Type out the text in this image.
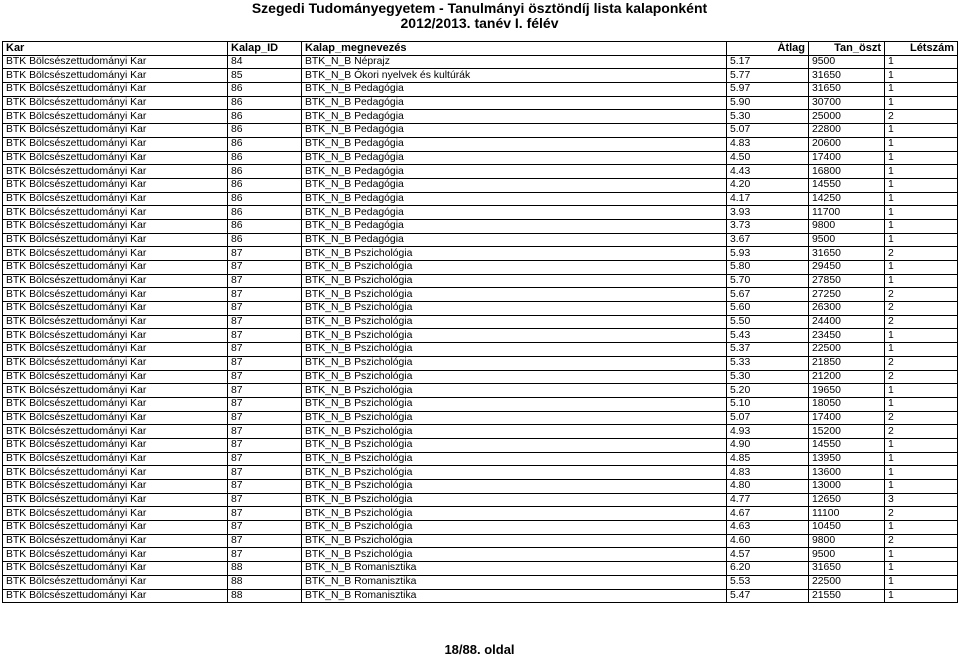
Szegedi Tudományegyetem - Tanulmányi ösztöndíj lista kalaponként
2012/2013. tanév I. félév
Kar	Kalap_ID	Kalap_megnevezés	Átlag	Tan_öszt	Létszám
BTK Bölcsészettudományi Kar	84	BTK_N_B Néprajz	5.17	9500	1
BTK Bölcsészettudományi Kar	85	BTK_N_B Ókori nyelvek és kultúrák	5.77	31650	1
BTK Bölcsészettudományi Kar	86	BTK_N_B Pedagógia	5.97	31650	1
BTK Bölcsészettudományi Kar	86	BTK_N_B Pedagógia	5.90	30700	1
BTK Bölcsészettudományi Kar	86	BTK_N_B Pedagógia	5.30	25000	2
BTK Bölcsészettudományi Kar	86	BTK_N_B Pedagógia	5.07	22800	1
BTK Bölcsészettudományi Kar	86	BTK_N_B Pedagógia	4.83	20600	1
BTK Bölcsészettudományi Kar	86	BTK_N_B Pedagógia	4.50	17400	1
BTK Bölcsészettudományi Kar	86	BTK_N_B Pedagógia	4.43	16800	1
BTK Bölcsészettudományi Kar	86	BTK_N_B Pedagógia	4.20	14550	1
BTK Bölcsészettudományi Kar	86	BTK_N_B Pedagógia	4.17	14250	1
BTK Bölcsészettudományi Kar	86	BTK_N_B Pedagógia	3.93	11700	1
BTK Bölcsészettudományi Kar	86	BTK_N_B Pedagógia	3.73	9800	1
BTK Bölcsészettudományi Kar	86	BTK_N_B Pedagógia	3.67	9500	1
BTK Bölcsészettudományi Kar	87	BTK_N_B Pszichológia	5.93	31650	2
BTK Bölcsészettudományi Kar	87	BTK_N_B Pszichológia	5.80	29450	1
BTK Bölcsészettudományi Kar	87	BTK_N_B Pszichológia	5.70	27850	1
BTK Bölcsészettudományi Kar	87	BTK_N_B Pszichológia	5.67	27250	2
BTK Bölcsészettudományi Kar	87	BTK_N_B Pszichológia	5.60	26300	2
BTK Bölcsészettudományi Kar	87	BTK_N_B Pszichológia	5.50	24400	2
BTK Bölcsészettudományi Kar	87	BTK_N_B Pszichológia	5.43	23450	1
BTK Bölcsészettudományi Kar	87	BTK_N_B Pszichológia	5.37	22500	1
BTK Bölcsészettudományi Kar	87	BTK_N_B Pszichológia	5.33	21850	2
BTK Bölcsészettudományi Kar	87	BTK_N_B Pszichológia	5.30	21200	2
BTK Bölcsészettudományi Kar	87	BTK_N_B Pszichológia	5.20	19650	1
BTK Bölcsészettudományi Kar	87	BTK_N_B Pszichológia	5.10	18050	1
BTK Bölcsészettudományi Kar	87	BTK_N_B Pszichológia	5.07	17400	2
BTK Bölcsészettudományi Kar	87	BTK_N_B Pszichológia	4.93	15200	2
BTK Bölcsészettudományi Kar	87	BTK_N_B Pszichológia	4.90	14550	1
BTK Bölcsészettudományi Kar	87	BTK_N_B Pszichológia	4.85	13950	1
BTK Bölcsészettudományi Kar	87	BTK_N_B Pszichológia	4.83	13600	1
BTK Bölcsészettudományi Kar	87	BTK_N_B Pszichológia	4.80	13000	1
BTK Bölcsészettudományi Kar	87	BTK_N_B Pszichológia	4.77	12650	3
BTK Bölcsészettudományi Kar	87	BTK_N_B Pszichológia	4.67	11100	2
BTK Bölcsészettudományi Kar	87	BTK_N_B Pszichológia	4.63	10450	1
BTK Bölcsészettudományi Kar	87	BTK_N_B Pszichológia	4.60	9800	2
BTK Bölcsészettudományi Kar	87	BTK_N_B Pszichológia	4.57	9500	1
BTK Bölcsészettudományi Kar	88	BTK_N_B Romanisztika	6.20	31650	1
BTK Bölcsészettudományi Kar	88	BTK_N_B Romanisztika	5.53	22500	1
BTK Bölcsészettudományi Kar	88	BTK_N_B Romanisztika	5.47	21550	1
18/88. oldal
